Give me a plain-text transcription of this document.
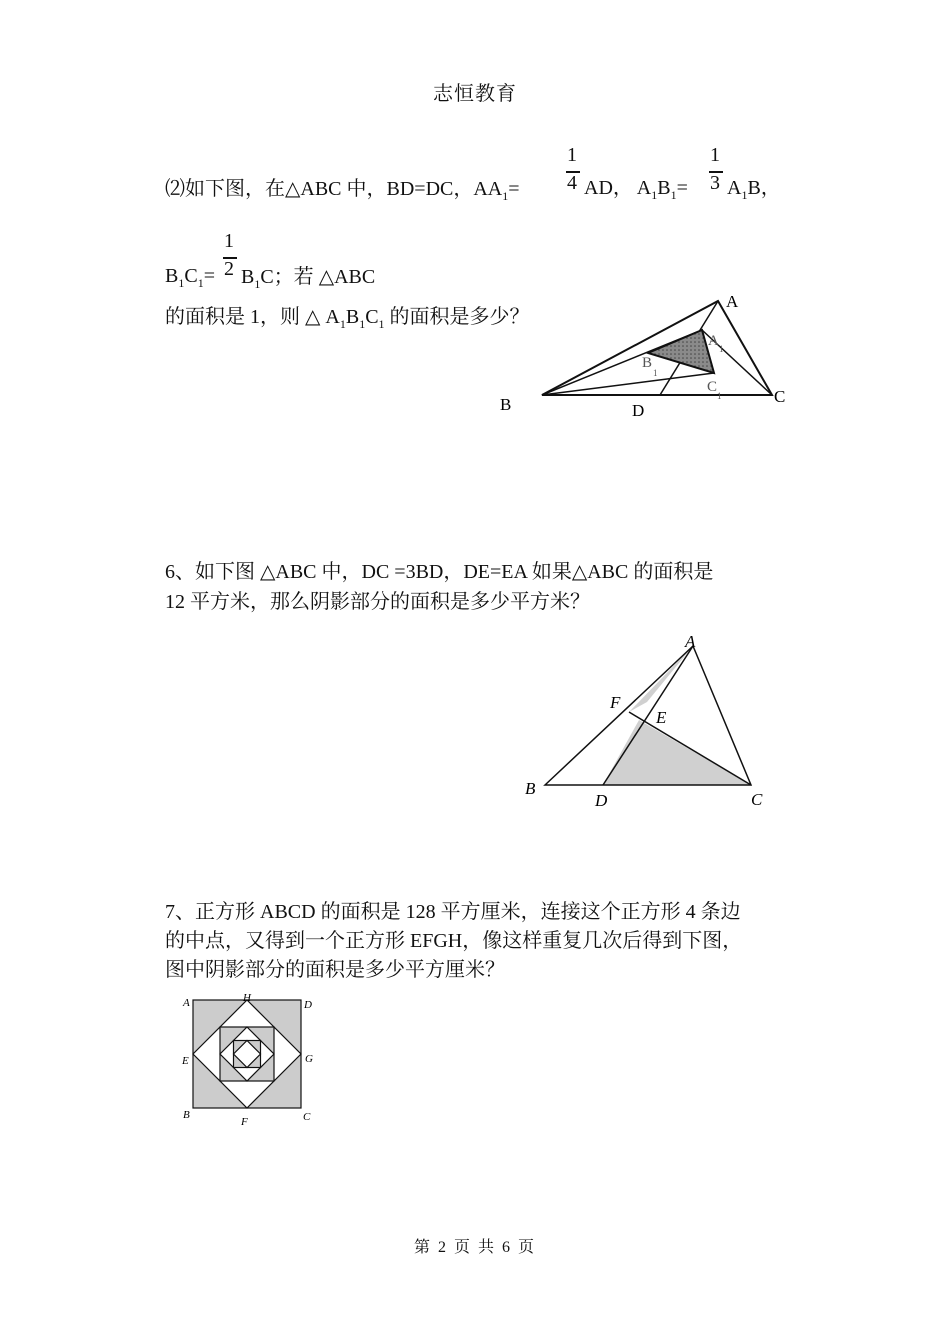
志恒教育
⑵如下图，在△ABC 中，BD=DC，$AA_1=$
1
4 AD， $A_1B_1=$
1
3 $A_1B$，
$B_1C_1=$
1
2 $B_1C$；若 △ABC
的面积是 1，则 △ $A_1B_1C_1$ 的面积是多少？
A
B	C
D
A 1
B
1
C
1
6、如下图 △ABC 中，DC =3BD，DE=EA 如果△ABC 的面积是
12 平方米，那么阴影部分的面积是多少平方米？
A
B
C
D
E
F
7、正方形 ABCD 的面积是 128 平方厘米，连接这个正方形 4 条边
的中点，又得到一个正方形 EFGH，像这样重复几次后得到下图，
图中阴影部分的面积是多少平方厘米？
A	D
H
E	G
B
F	C
第 2 页 共 6 页
